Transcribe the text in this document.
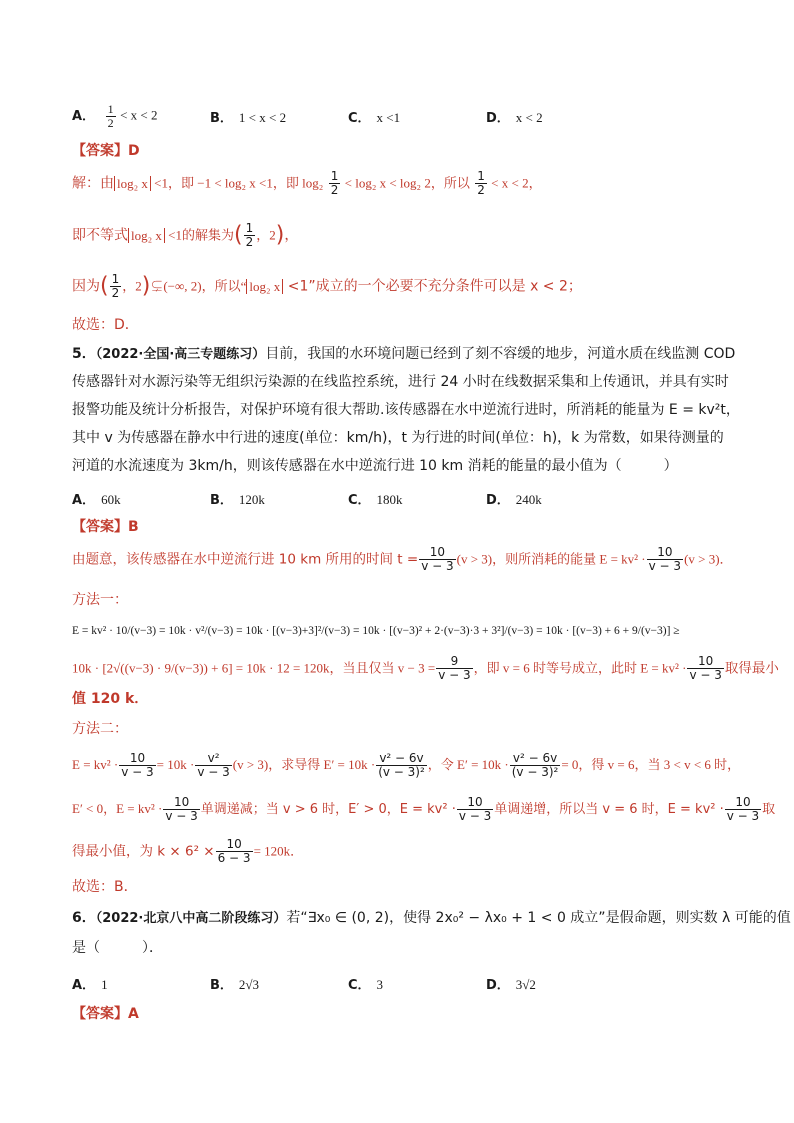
A． $\frac{1}{2} < x < 2$	B． 1 < x < 2	C． x <1	D． x < 2
【答案】D
解：由 log₂ x <1，即 −1 < log₂ x <1，即 $\log_2 \frac{1}{2} < \log_2$ x < log₂ 2，所以 $\frac{1}{2} < x < 2$，
即不等式 log₂ x <1的解集为( $\frac{1}{2}$ ，2)，
因为( $\frac{1}{2}$ ，2)⊊(−∞, 2)，所以“ log₂ x <1”成立的一个必要不充分条件可以是 x < 2；
故选：D．
5．（2022·全国·高三专题练习）目前，我国的水环境问题已经到了刻不容缓的地步，河道水质在线监测 COD
传感器针对水源污染等无组织污染源的在线监控系统，进行 24 小时在线数据采集和上传通讯，并具有实时
报警功能及统计分析报告，对保护环境有很大帮助.该传感器在水中逆流行进时，所消耗的能量为 E = kv²t，
其中 v 为传感器在静水中行进的速度(单位：km/h)，t 为行进的时间(单位：h)，k 为常数，如果待测量的
河道的水流速度为 3km/h，则该传感器在水中逆流行进 10 km 消耗的能量的最小值为（　　　）
A． 60k	B． 120k	C． 180k	D． 240k
【答案】B
由题意，该传感器在水中逆流行进 10 km 所用的时间 $t = \frac{10}{v - 3} (v > 3)$，则所消耗的能量 $E = kv^2 \cdot \frac{10}{v - 3} (v > 3)$．
方法一：
E = kv² · 10/(v−3) = 10k · v²/(v−3) = 10k · [(v−3)+3]²/(v−3) = 10k · [(v−3)² + 2·(v−3)·3 + 3²]/(v−3) = 10k · [(v−3) + 6 + 9/(v−3)] ≥
10k · [2√((v−3) · 9/(v−3)) + 6] = 10k · 12 = 120k，当且仅当 $v - 3 = \frac{9}{v - 3}$ ，即 v = 6 时等号成立，此时 $E = kv^2 \cdot \frac{10}{v - 3}$ 取得最小
值 120 k．
方法二：
$E = kv^2 \cdot \frac{10}{v - 3} = 10k \cdot \frac{\text{v²}}{v - 3} (v > 3)$，求导得 $E' = 10k \cdot \frac{\text{v² − 6v}}{\text{(v − 3)²}}$ ，令 $E' = 10k \cdot \frac{\text{v² − 6v}}{\text{(v − 3)²}} = 0$，得 v = 6，当 3 < v < 6 时，
E′ < 0，$E = kv^2 \cdot \frac{10}{v - 3}$ 单调递减；当 v > 6 时，E′ > 0，$E = kv^2 \cdot \frac{10}{v - 3}$ 单调递增，所以当 v = 6 时，$E = kv^2 \cdot \frac{10}{v - 3}$ 取
得最小值，为 $k \times 6^2 \times \frac{10}{6 - 3} = 120k$．
故选：B．
6．（2022·北京八中高二阶段练习）若“∃x₀ ∈ (0, 2)，使得 2x₀² − λx₀ + 1 < 0 成立”是假命题，则实数 λ 可能的值
是（　　　）．
A． 1	B． 2√3	C． 3	D． 3√2
【答案】A
